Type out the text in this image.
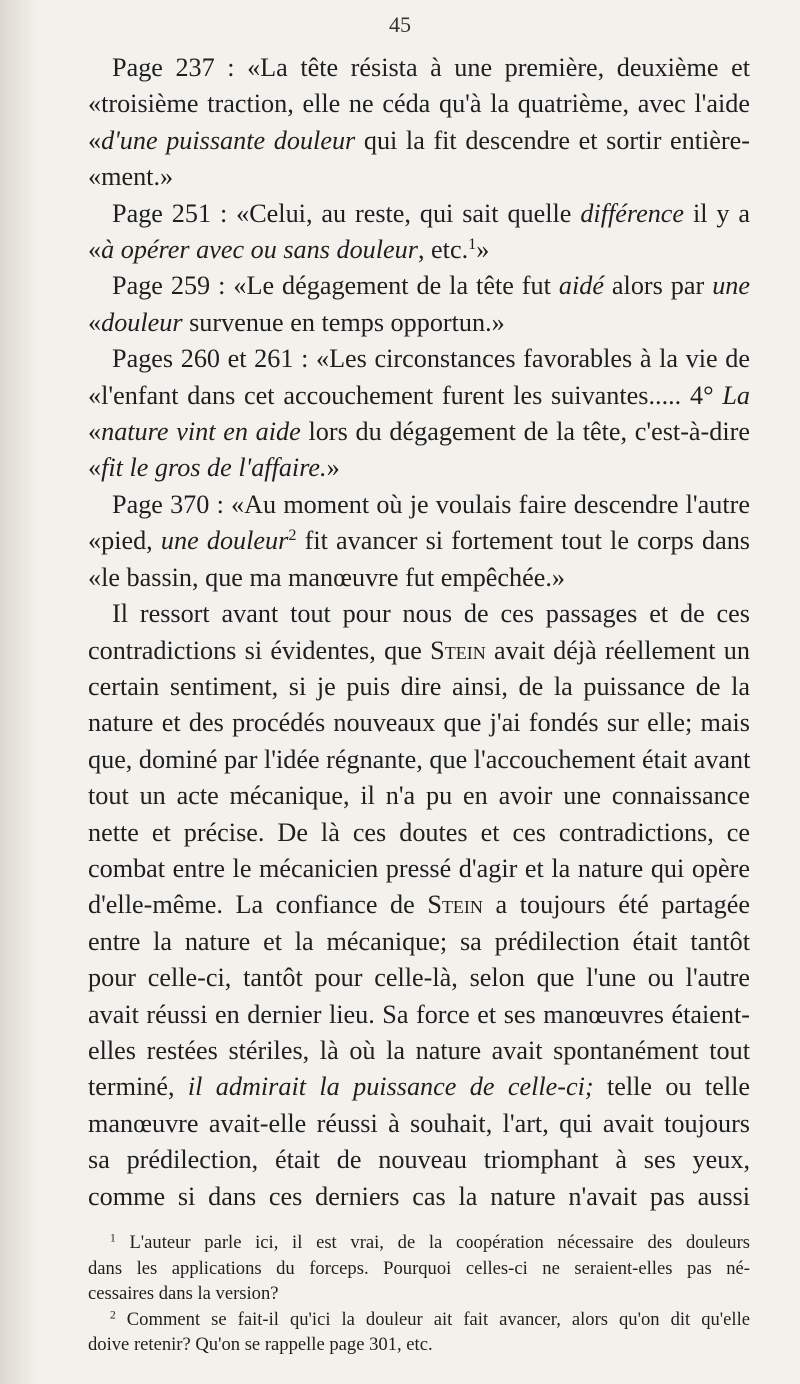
45
Page 237 : «La tête résista à une première, deuxième et
«troisième traction, elle ne céda qu'à la quatrième, avec l'aide
«d'une puissante douleur qui la fit descendre et sortir entière-
«ment.»
Page 251 : «Celui, au reste, qui sait quelle différence il y a
«à opérer avec ou sans douleur, etc.$^1$»
Page 259 : «Le dégagement de la tête fut aidé alors par une
«douleur survenue en temps opportun.»
Pages 260 et 261 : «Les circonstances favorables à la vie de
«l'enfant dans cet accouchement furent les suivantes..... 4° La
«nature vint en aide lors du dégagement de la tête, c'est-à-dire
«fit le gros de l'affaire.»
Page 370 : «Au moment où je voulais faire descendre l'autre
«pied, une douleur$^2$ fit avancer si fortement tout le corps dans
«le bassin, que ma manœuvre fut empêchée.»
Il ressort avant tout pour nous de ces passages et de ces
contradictions si évidentes, que Stein avait déjà réellement un
certain sentiment, si je puis dire ainsi, de la puissance de la
nature et des procédés nouveaux que j'ai fondés sur elle; mais
que, dominé par l'idée régnante, que l'accouchement était avant
tout un acte mécanique, il n'a pu en avoir une connaissance
nette et précise. De là ces doutes et ces contradictions, ce
combat entre le mécanicien pressé d'agir et la nature qui opère
d'elle-même. La confiance de Stein a toujours été partagée
entre la nature et la mécanique; sa prédilection était tantôt
pour celle-ci, tantôt pour celle-là, selon que l'une ou l'autre
avait réussi en dernier lieu. Sa force et ses manœuvres étaient-
elles restées stériles, là où la nature avait spontanément tout
terminé, il admirait la puissance de celle-ci; telle ou telle
manœuvre avait-elle réussi à souhait, l'art, qui avait toujours
sa prédilection, était de nouveau triomphant à ses yeux,
comme si dans ces derniers cas la nature n'avait pas aussi
$^1$ L'auteur parle ici, il est vrai, de la coopération nécessaire des douleurs
dans les applications du forceps. Pourquoi celles-ci ne seraient-elles pas né-
cessaires dans la version?
$^2$ Comment se fait-il qu'ici la douleur ait fait avancer, alors qu'on dit qu'elle
doive retenir? Qu'on se rappelle page 301, etc.
